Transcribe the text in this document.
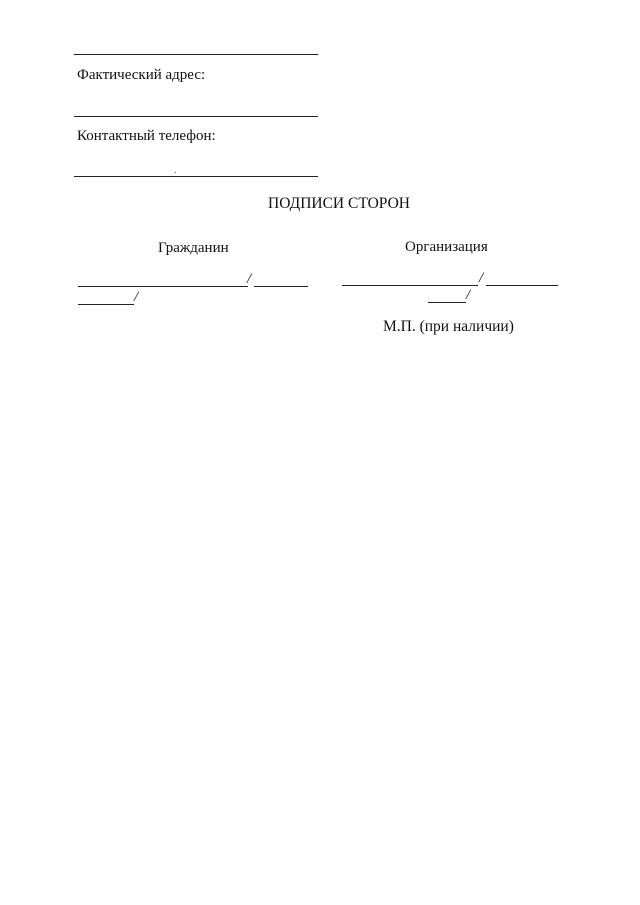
Фактический адрес:
Контактный телефон:
ПОДПИСИ СТОРОН
Гражданин
/
/
Организация
/
/
М.П. (при наличии)
